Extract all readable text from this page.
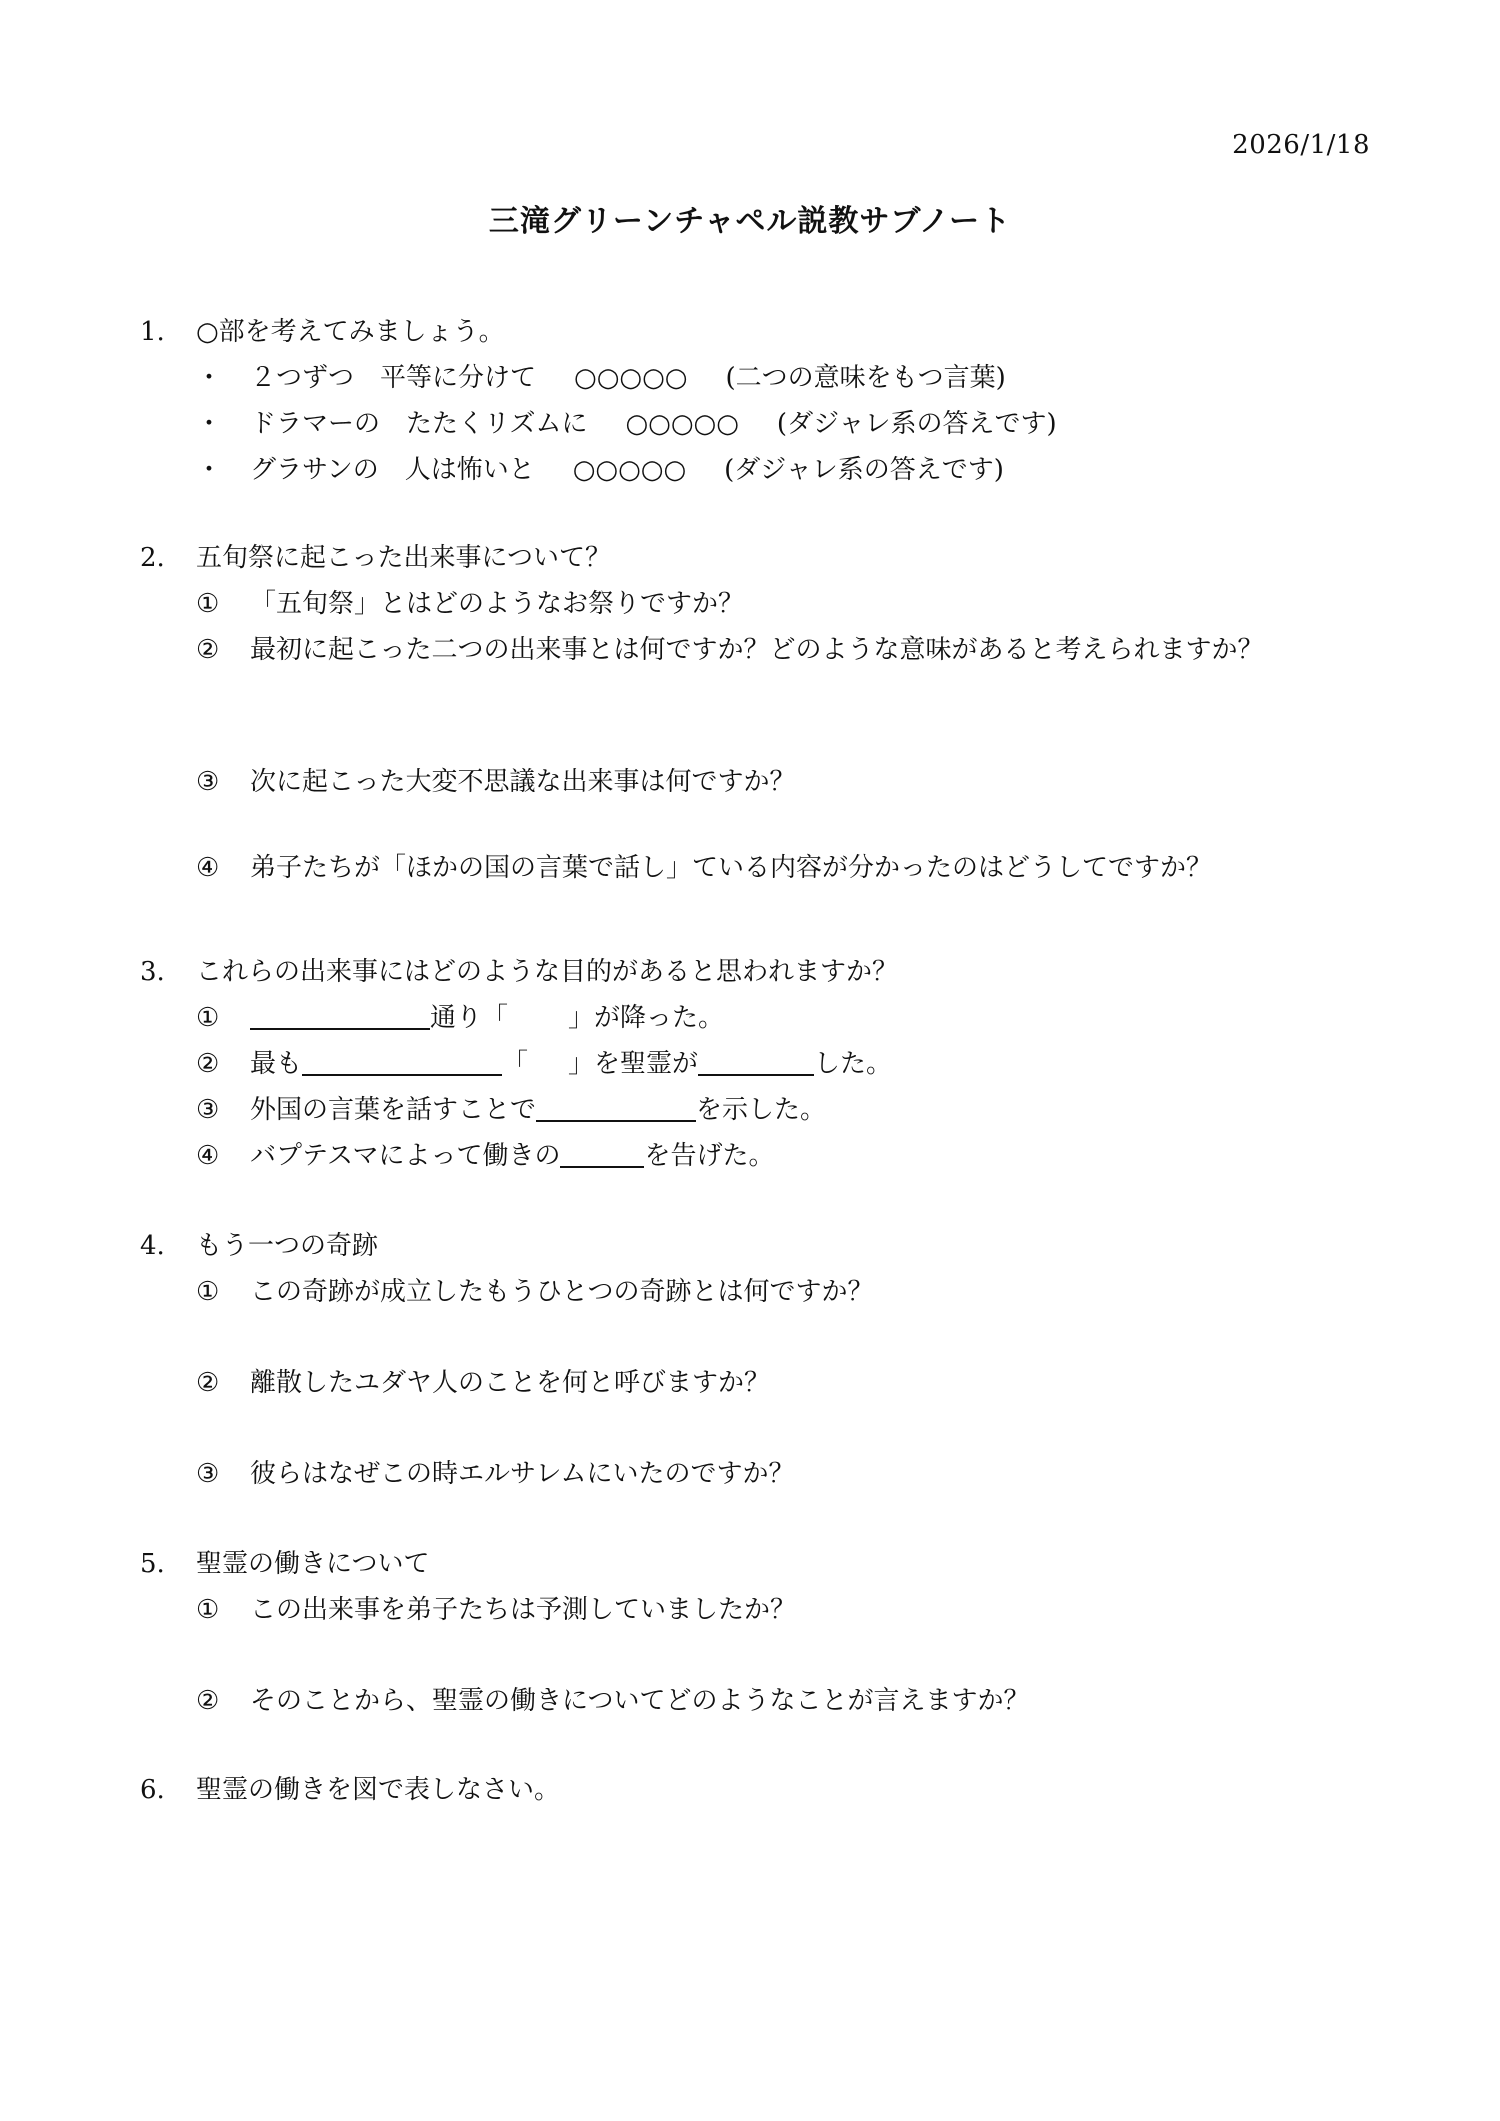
2026/1/18
三滝グリーンチャペル説教サブノート
1. ○部を考えてみましょう。
・ ２つずつ　平等に分けて ○○○○○ (二つの意味をもつ言葉)
・ ドラマーの　たたくリズムに ○○○○○ (ダジャレ系の答えです)
・ グラサンの　人は怖いと ○○○○○ (ダジャレ系の答えです)
2. 五旬祭に起こった出来事について？
① 「五旬祭」とはどのようなお祭りですか？
② 最初に起こった二つの出来事とは何ですか？どのような意味があると考えられますか？
③ 次に起こった大変不思議な出来事は何ですか？
④ 弟子たちが「ほかの国の言葉で話し」ている内容が分かったのはどうしてですか？
3. これらの出来事にはどのような目的があると思われますか？
①	通り「 」が降った。
② 最も	「 」を聖霊が	した。
③ 外国の言葉を話すことで	を示した。
④ バプテスマによって働きの	を告げた。
4. もう一つの奇跡
① この奇跡が成立したもうひとつの奇跡とは何ですか？
② 離散したユダヤ人のことを何と呼びますか？
③ 彼らはなぜこの時エルサレムにいたのですか？
5. 聖霊の働きについて
① この出来事を弟子たちは予測していましたか？
② そのことから、聖霊の働きについてどのようなことが言えますか？
6. 聖霊の働きを図で表しなさい。
